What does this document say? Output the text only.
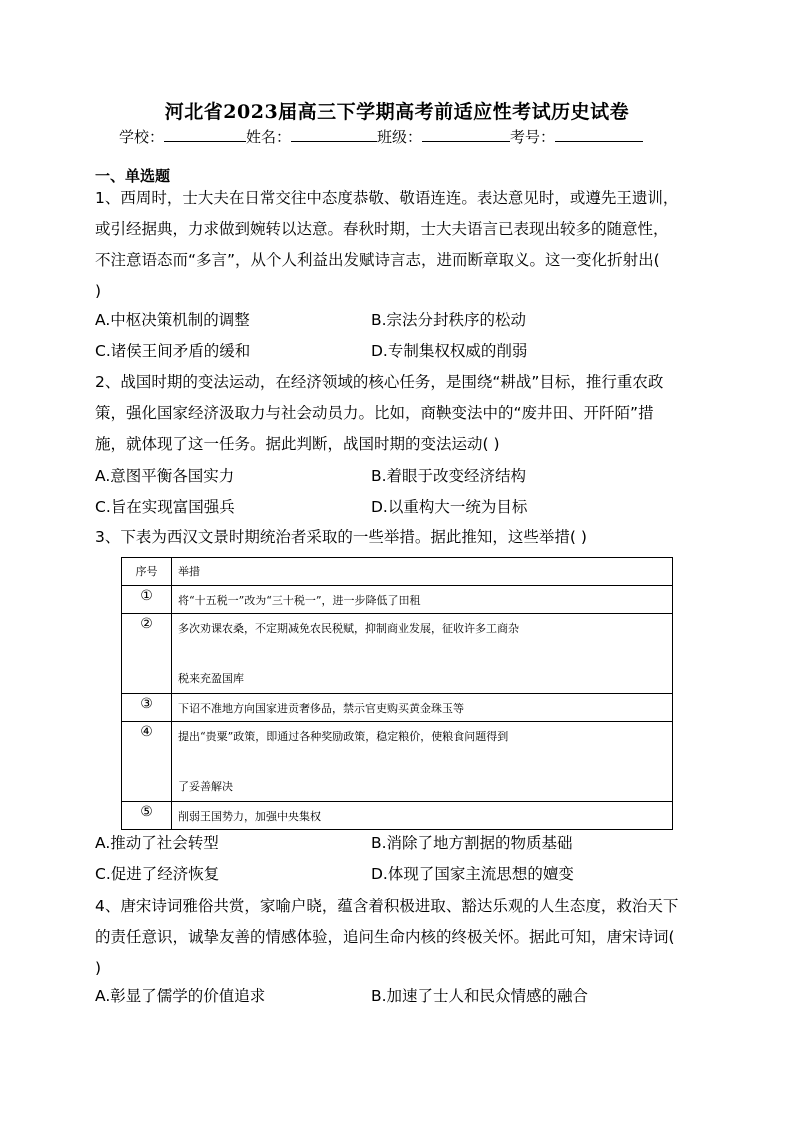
河北省2023届高三下学期高考前适应性考试历史试卷
学校：	姓名：	班级：	考号：
一、单选题
1、西周时，士大夫在日常交往中态度恭敬、敬语连连。表达意见时，或遵先王遗训，
或引经据典，力求做到婉转以达意。春秋时期，士大夫语言已表现出较多的随意性，
不注意语态而“多言”，从个人利益出发赋诗言志，进而断章取义。这一变化折射出(
)
A.中枢决策机制的调整	B.宗法分封秩序的松动
C.诸侯王间矛盾的缓和	D.专制集权权威的削弱
2、战国时期的变法运动，在经济领域的核心任务，是围绕“耕战”目标，推行重农政
策，强化国家经济汲取力与社会动员力。比如，商鞅变法中的“废井田、开阡陌”措
施，就体现了这一任务。据此判断，战国时期的变法运动( )
A.意图平衡各国实力	B.着眼于改变经济结构
C.旨在实现富国强兵	D.以重构大一统为目标
3、下表为西汉文景时期统治者采取的一些举措。据此推知，这些举措( )
序号	举措
①	将“十五税一”改为“三十税一”，进一步降低了田租
②	多次劝课农桑，不定期减免农民税赋，抑制商业发展，征收许多工商杂
税来充盈国库

③	下诏不准地方向国家进贡奢侈品，禁示官吏购买黄金珠玉等
④	提出“贵粟”政策，即通过各种奖励政策，稳定粮价，使粮食问题得到
了妥善解决

⑤	削弱王国势力，加强中央集权
A.推动了社会转型	B.消除了地方割据的物质基础
C.促进了经济恢复	D.体现了国家主流思想的嬗变
4、唐宋诗词雅俗共赏，家喻户晓，蕴含着积极进取、豁达乐观的人生态度，救治天下
的责任意识，诚挚友善的情感体验，追问生命内核的终极关怀。据此可知，唐宋诗词(
)
A.彰显了儒学的价值追求	B.加速了士人和民众情感的融合
